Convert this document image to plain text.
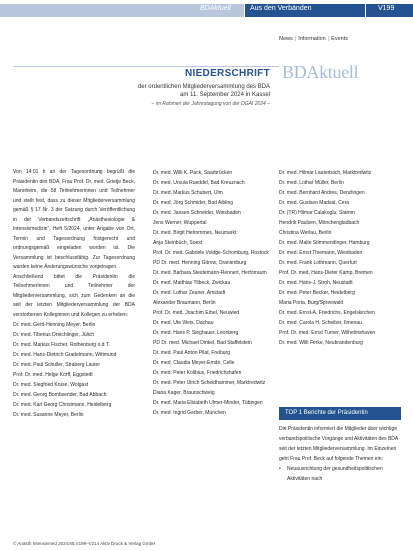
BDAktuell	Aus den Verbänden	V199
News | Information | Events
BDAktuell
NIEDERSCHRIFT
der ordentlichen Mitgliederversammlung des BDA
am 11. September 2024 in Kassel
– im Rahmen der Jahrestagung von der DGAI 2024 –

Von 14:01 h an der Tagesordnung begrüßt die Präsidentin des BDA, Frau Prof. Dr. med. Grietje Beck, Mannheim, die 58 Teilnehmerinnen und Teilnehmer und stellt fest, dass zu dieser Mitgliederversammlung gemäß § 17 Nr. 3 der Satzung durch Veröffentlichung in der Verbandszeitschrift „Anästhesiologie & Intensivmedizin“, Heft 5/2024, unter Angabe von Ort, Termin und Tagesordnung fristgerecht und ordnungsgemäß eingeladen worden ist. Die Versammlung ist beschlussfähig. Zur Tagesordnung wurden keine Änderungswünsche vorgetragen.

Anschließend bittet die Präsidentin die Teilnehmerinnen und Teilnehmer der Mitgliederversammlung, sich zum Gedenken an die seit der letzten Mitgliederversammlung der BDA verstorbenen Kolleginnen und Kollegen zu erheben:

Dr. med. Gerd-Henning Meyer, Berlin
Dr. med. Tiberius Dreichlinger, Jülich
Dr. med. Markus Fischer, Rothenburg o.d.T.
Dr. med. Hans-Dietrich Gradelmann, Wittmund
Dr. med. Paul Schuller, Straberg Lauter
Prof. Dr. med. Helge Korff, Eggstedt
Dr. med. Siegfried Kruse, Wolgast
Dr. med. Georg Bombsender, Bad Abbach
Dr. med. Karl Georg Christmann, Heidelberg
Dr. med. Susanne Meyer, Berlin
Dr. med. Willi K. Pack, Saarbrücken
Dr. med. Ursula Rueddel, Bad Kreuznach
Dr. med. Markus Schubert, Ulm
Dr. med. Jörg Schmider, Bad Aibling
Dr. med. Jansen Schneider, Wiesbaden
Jens Werner, Wuppertal
Dr. med. Birgit Hetrommes, Neumarkt
Anja Steinbüch, Soest
Prof. Dr. med. Gabriele Voldge-Schomburg, Rostock
PD Dr. med. Henning Gitrow, Oranienburg
Dr. med. Barbara Steidemann-Rennert, Herforraum
Dr. med. Matthias Tilbeck, Zwickau
Dr. med. Lothar Zeuner, Amstadt
Alexander Braumann, Berlin
Prof. Dr. med. Joachim Erbel, Neuwied
Dr. med. Ute Weis, Dachau
Dr. med. Hans P. Sieghauer, Leonberg
PD Dr. med. Michael Dinkel, Bad Staffelstein
Dr. med. Paul Anton Pilat, Freiburg
Dr. med. Claudia Meyer-Emde, Celle
Dr. med. Peter Kolibius, Friedrichshafen
Dr. med. Peter Ulrich Scheidhammer, Marktredwitz
Diana Kager, Braunschweig
Dr. med. Maria Elisabeth Ulmer-Minder, Tübingen
Dr. med. Ingrid Gerber, München
Dr. med. Hilmar Lauterbach, Marktredwitz
Dr. med. Lothar Müller, Berlin
Dr. med. Bernhard Andres, Denzlingen
Dr. med. Gustavo Madsal, Cera
Dr. (TR) Hilmar Calakoglu, Stamm
Hendrik Paulsen, Mönchengladbach
Christina Werlau, Berlin
Dr. med. Malte Stimmendinger, Hamburg
Dr. med. Ernst Thiemann, Wiesbaden
Dr. med. Frank Lothmann, Querfurt
Prof. Dr. med. Hans-Dieter Kamp, Bremen
Dr. med. Hans-J. Stroh, Neustadt
Dr. med. Peter Becker, Heidelberg
Maria Porta, Burg/Spreewald
Dr. med. Ernst-A. Friedrichs, Engelskirchen
Dr. med. Carola H. Scheiber, Ilmenau
Prof. Dr. med. Ernst Turner, Wilhelmshaven
Dr. med. Willi Ferke, Neubrandenburg
TOP 1 Berichte der Präsidentin

Die Präsidentin informiert die Mitglieder über wichtige verbandspolitische Vorgänge und Aktivitäten des BDA seit der letzten Mitgliederversammlung. Im Einzelnen geht Frau Prof. Beck auf folgende Themen ein:

•	Neuausrichtung der gesundheitspolitischen Aktivitäten nach
© Anästh Intensivmed 2024;65:V199–V214 Aktiv Druck & Verlag GmbH
